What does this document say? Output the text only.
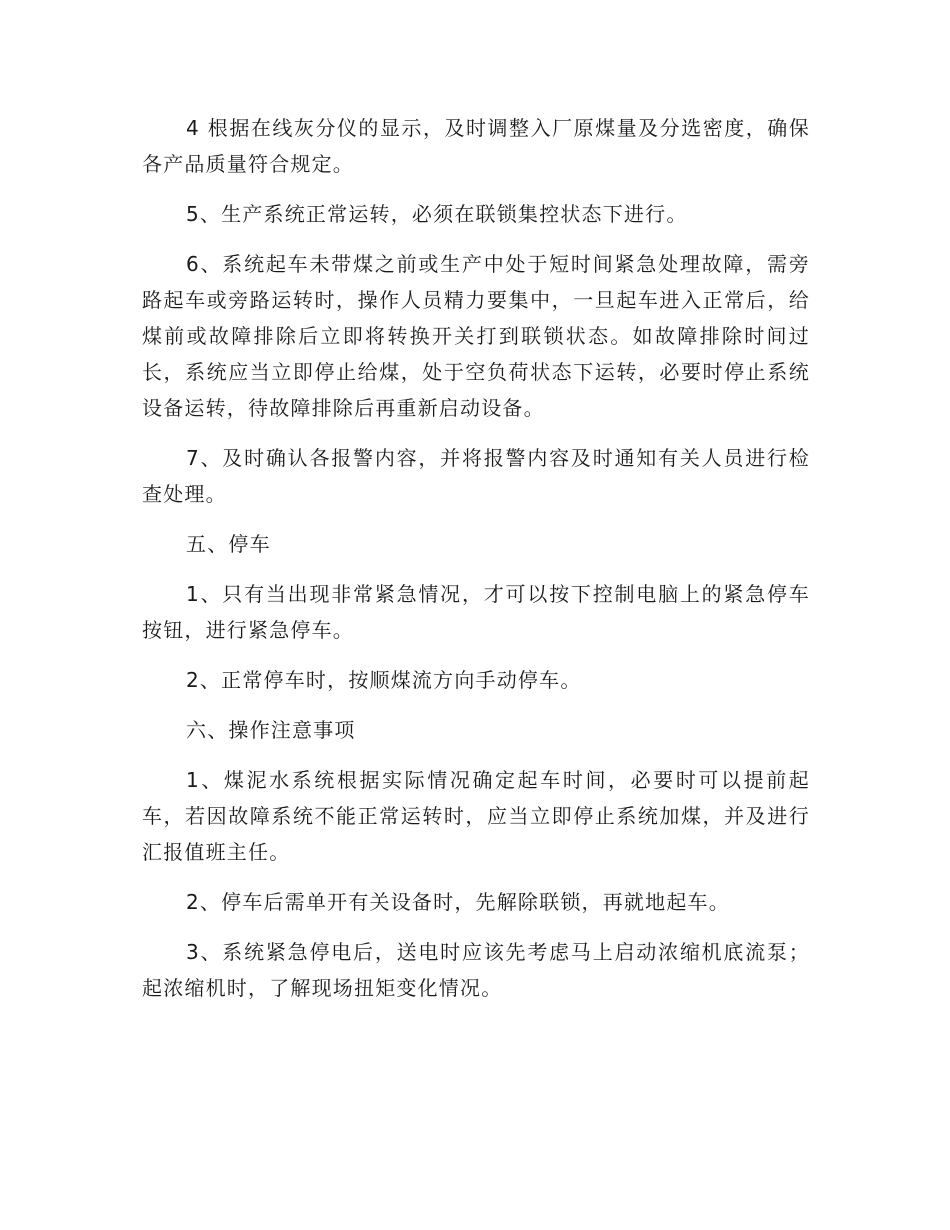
4 根据在线灰分仪的显示，及时调整入厂原煤量及分选密度，确保各产品质量符合规定。

5、生产系统正常运转，必须在联锁集控状态下进行。

6、系统起车未带煤之前或生产中处于短时间紧急处理故障，需旁路起车或旁路运转时，操作人员精力要集中，一旦起车进入正常后，给煤前或故障排除后立即将转换开关打到联锁状态。如故障排除时间过长，系统应当立即停止给煤，处于空负荷状态下运转，必要时停止系统设备运转，待故障排除后再重新启动设备。

7、及时确认各报警内容，并将报警内容及时通知有关人员进行检查处理。

五、停车

1、只有当出现非常紧急情况，才可以按下控制电脑上的紧急停车按钮，进行紧急停车。

2、正常停车时，按顺煤流方向手动停车。

六、操作注意事项

1、煤泥水系统根据实际情况确定起车时间，必要时可以提前起车，若因故障系统不能正常运转时，应当立即停止系统加煤，并及进行汇报值班主任。

2、停车后需单开有关设备时，先解除联锁，再就地起车。

3、系统紧急停电后，送电时应该先考虑马上启动浓缩机底流泵；起浓缩机时，了解现场扭矩变化情况。
